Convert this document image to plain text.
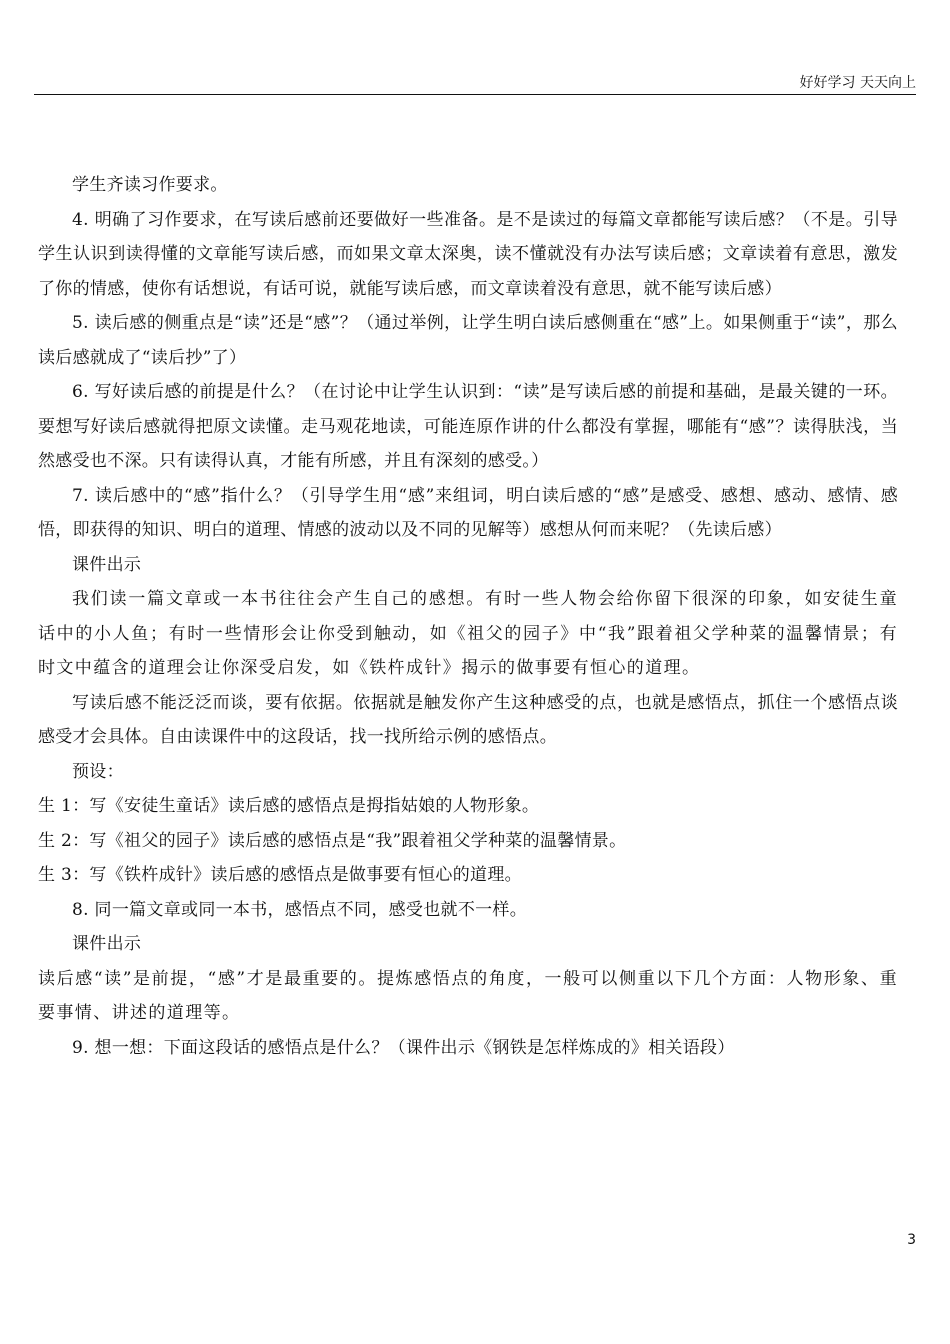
好好学习 天天向上

学生齐读习作要求。

4. 明确了习作要求，在写读后感前还要做好一些准备。是不是读过的每篇文章都能写读后感？（不是。引导学生认识到读得懂的文章能写读后感，而如果文章太深奥，读不懂就没有办法写读后感；文章读着有意思，激发了你的情感，使你有话想说，有话可说，就能写读后感，而文章读着没有意思，就不能写读后感）

5. 读后感的侧重点是“读”还是“感”？（通过举例，让学生明白读后感侧重在“感”上。如果侧重于“读”，那么读后感就成了“读后抄”了）

6. 写好读后感的前提是什么？（在讨论中让学生认识到：“读”是写读后感的前提和基础，是最关键的一环。要想写好读后感就得把原文读懂。走马观花地读，可能连原作讲的什么都没有掌握，哪能有“感”？读得肤浅，当然感受也不深。只有读得认真，才能有所感，并且有深刻的感受。）

7. 读后感中的“感”指什么？（引导学生用“感”来组词，明白读后感的“感”是感受、感想、感动、感情、感悟，即获得的知识、明白的道理、情感的波动以及不同的见解等）感想从何而来呢？（先读后感）

课件出示

我们读一篇文章或一本书往往会产生自己的感想。有时一些人物会给你留下很深的印象，如安徒生童话中的小人鱼；有时一些情形会让你受到触动，如《祖父的园子》中“我”跟着祖父学种菜的温馨情景；有时文中蕴含的道理会让你深受启发，如《铁杵成针》揭示的做事要有恒心的道理。

写读后感不能泛泛而谈，要有依据。依据就是触发你产生这种感受的点，也就是感悟点，抓住一个感悟点谈感受才会具体。自由读课件中的这段话，找一找所给示例的感悟点。

预设：

生 1：写《安徒生童话》读后感的感悟点是拇指姑娘的人物形象。

生 2：写《祖父的园子》读后感的感悟点是“我”跟着祖父学种菜的温馨情景。

生 3：写《铁杵成针》读后感的感悟点是做事要有恒心的道理。

8. 同一篇文章或同一本书，感悟点不同，感受也就不一样。

课件出示

读后感“读”是前提，“感”才是最重要的。提炼感悟点的角度，一般可以侧重以下几个方面：人物形象、重要事情、讲述的道理等。

9. 想一想：下面这段话的感悟点是什么？（课件出示《钢铁是怎样炼成的》相关语段）

3
